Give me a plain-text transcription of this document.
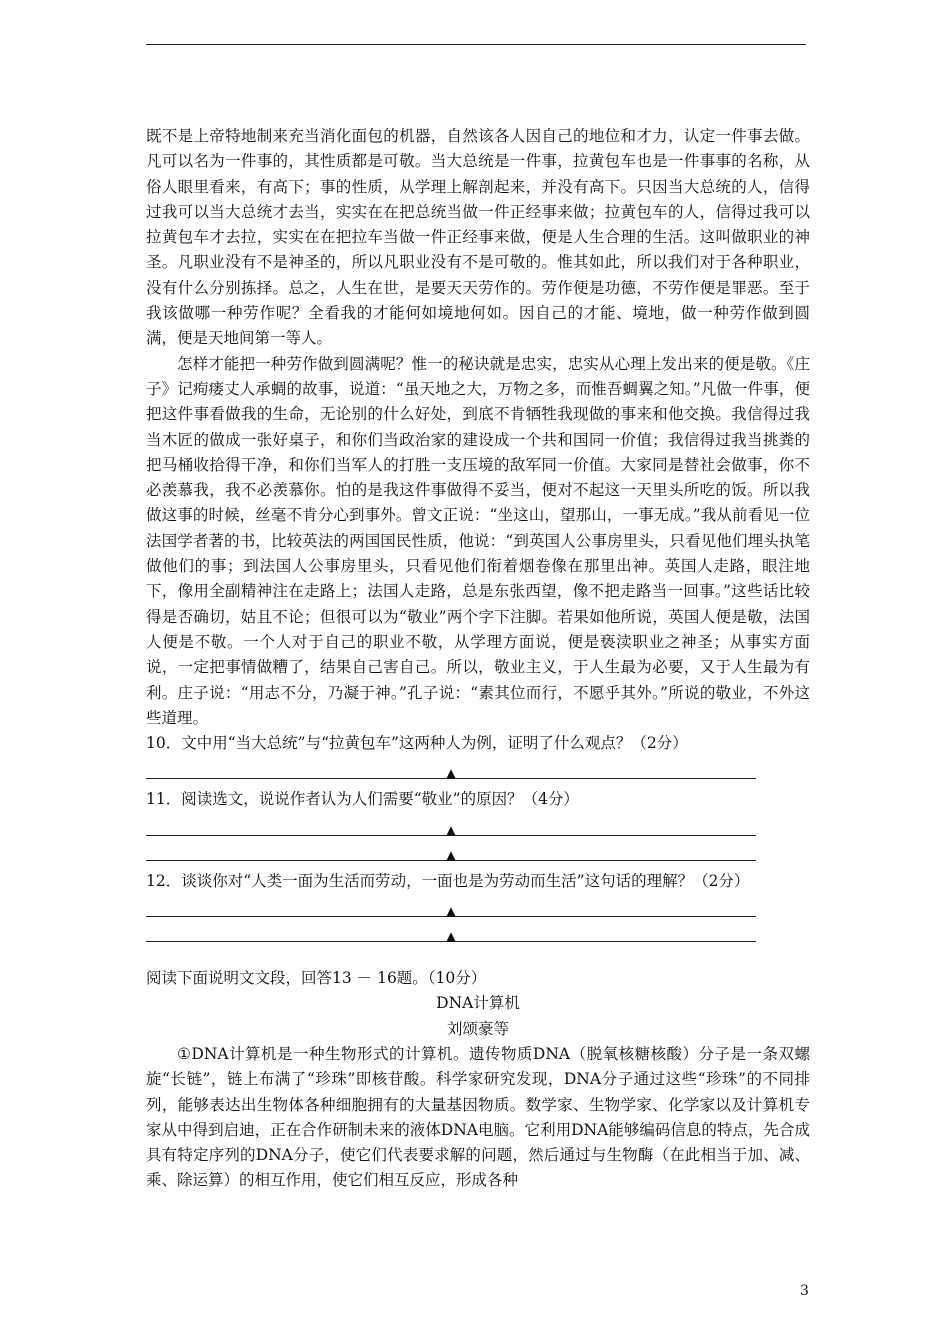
既不是上帝特地制来充当消化面包的机器，自然该各人因自己的地位和才力，认定一件事去做。凡可以名为一件事的，其性质都是可敬。当大总统是一件事，拉黄包车也是一件事事的名称，从俗人眼里看来，有高下；事的性质，从学理上解剖起来，并没有高下。只因当大总统的人，信得过我可以当大总统才去当，实实在在把总统当做一件正经事来做；拉黄包车的人，信得过我可以拉黄包车才去拉，实实在在把拉车当做一件正经事来做，便是人生合理的生活。这叫做职业的神圣。凡职业没有不是神圣的，所以凡职业没有不是可敬的。惟其如此，所以我们对于各种职业，没有什么分别拣择。总之，人生在世，是要天天劳作的。劳作便是功德，不劳作便是罪恶。至于我该做哪一种劳作呢？全看我的才能何如境地何如。因自己的才能、境地，做一种劳作做到圆满，便是天地间第一等人。

怎样才能把一种劳作做到圆满呢？惟一的秘诀就是忠实，忠实从心理上发出来的便是敬。《庄子》记痀瘘丈人承蜩的故事，说道：“虽天地之大，万物之多，而惟吾蜩翼之知。”凡做一件事，便把这件事看做我的生命，无论别的什么好处，到底不肯牺牲我现做的事来和他交换。我信得过我当木匠的做成一张好桌子，和你们当政治家的建设成一个共和国同一价值；我信得过我当挑粪的把马桶收拾得干净，和你们当军人的打胜一支压境的敌军同一价值。大家同是替社会做事，你不必羡慕我，我不必羡慕你。怕的是我这件事做得不妥当，便对不起这一天里头所吃的饭。所以我做这事的时候，丝毫不肯分心到事外。曾文正说：“坐这山，望那山，一事无成。”我从前看见一位法国学者著的书，比较英法的两国国民性质，他说：“到英国人公事房里头，只看见他们埋头执笔做他们的事；到法国人公事房里头，只看见他们衔着烟卷像在那里出神。英国人走路，眼注地下，像用全副精神注在走路上；法国人走路，总是东张西望，像不把走路当一回事。”这些话比较得是否确切，姑且不论；但很可以为“敬业”两个字下注脚。若果如他所说，英国人便是敬，法国人便是不敬。一个人对于自己的职业不敬，从学理方面说，便是亵渎职业之神圣；从事实方面说，一定把事情做糟了，结果自己害自己。所以，敬业主义，于人生最为必要，又于人生最为有利。庄子说：“用志不分，乃凝于神。”孔子说：“素其位而行，不愿乎其外。”所说的敬业，不外这些道理。

10．文中用“当大总统”与“拉黄包车”这两种人为例，证明了什么观点？（2分）

▲

11．阅读选文，说说作者认为人们需要“敬业”的原因？（4分）

▲
▲

12．谈谈你对“人类一面为生活而劳动，一面也是为劳动而生活”这句话的理解？（2分）

▲
▲

阅读下面说明文文段，回答13 － 16题。（10分）

DNA计算机

刘颂豪等

①DNA计算机是一种生物形式的计算机。遗传物质DNA（脱氧核糖核酸）分子是一条双螺旋“长链”，链上布满了“珍珠”即核苷酸。科学家研究发现，DNA分子通过这些“珍珠”的不同排列，能够表达出生物体各种细胞拥有的大量基因物质。数学家、生物学家、化学家以及计算机专家从中得到启迪，正在合作研制未来的液体DNA电脑。它利用DNA能够编码信息的特点，先合成具有特定序列的DNA分子，使它们代表要求解的问题，然后通过与生物酶（在此相当于加、减、乘、除运算）的相互作用，使它们相互反应，形成各种

3
